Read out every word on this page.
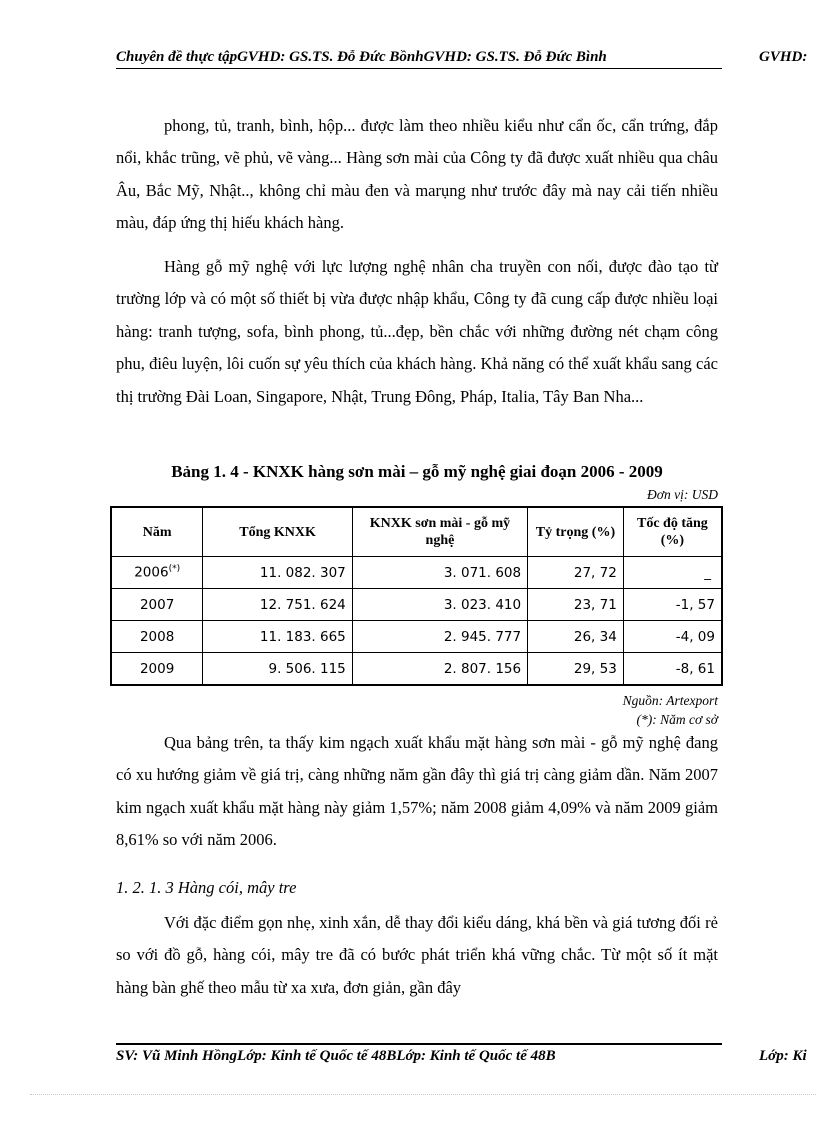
Chuyên đề thực tậpGVHD: GS.TS. Đỗ Đức BồnhGVHD: GS.TS. Đỗ Đức Bình	GVHD:

phong, tủ, tranh, bình, hộp... được làm theo nhiều kiểu như cẩn ốc, cẩn trứng, đắp nổi, khắc trũng, vẽ phủ, vẽ vàng... Hàng sơn mài của Công ty đã được xuất nhiều qua châu Âu, Bắc Mỹ, Nhật.., không chỉ màu đen và marụng như trước đây mà nay cải tiến nhiều màu, đáp ứng thị hiếu khách hàng.

Hàng gỗ mỹ nghệ với lực lượng nghệ nhân cha truyền con nối, được đào tạo từ trường lớp và có một số thiết bị vừa được nhập khẩu, Công ty đã cung cấp được nhiều loại hàng: tranh tượng, sofa, bình phong, tủ...đẹp, bền chắc với những đường nét chạm công phu, điêu luyện, lôi cuốn sự yêu thích của khách hàng. Khả năng có thể xuất khẩu sang các thị trường Đài Loan, Singapore, Nhật, Trung Đông, Pháp, Italia, Tây Ban Nha...

Bảng 1. 4 - KNXK hàng sơn mài – gỗ mỹ nghệ giai đoạn 2006 - 2009
Đơn vị: USD
Năm	Tổng KNXK	KNXK sơn mài - gỗ mỹ nghệ	Tỷ trọng (%)	Tốc độ tăng (%)
2006(*)	11. 082. 307	3. 071. 608	27, 72	_
2007	12. 751. 624	3. 023. 410	23, 71	-1, 57
2008	11. 183. 665	2. 945. 777	26, 34	-4, 09
2009	9. 506. 115	2. 807. 156	29, 53	-8, 61
Nguồn: Artexport
(*): Năm cơ sở

Qua bảng trên, ta thấy kim ngạch xuất khẩu mặt hàng sơn mài - gỗ mỹ nghệ đang có xu hướng giảm về giá trị, càng những năm gần đây thì giá trị càng giảm dần. Năm 2007 kim ngạch xuất khẩu mặt hàng này giảm 1,57%; năm 2008 giảm 4,09% và năm 2009 giảm 8,61% so với năm 2006.

1. 2. 1. 3 Hàng cói, mây tre

Với đặc điểm gọn nhẹ, xinh xắn, dễ thay đổi kiểu dáng, khá bền và giá tương đối rẻ so với đồ gỗ, hàng cói, mây tre đã có bước phát triển khá vững chắc. Từ một số ít mặt hàng bàn ghế theo mẫu từ xa xưa, đơn giản, gần đây

SV: Vũ Minh HồngLớp: Kinh tế Quốc tế 48BLớp: Kinh tế Quốc tế 48B	Lớp: Ki
